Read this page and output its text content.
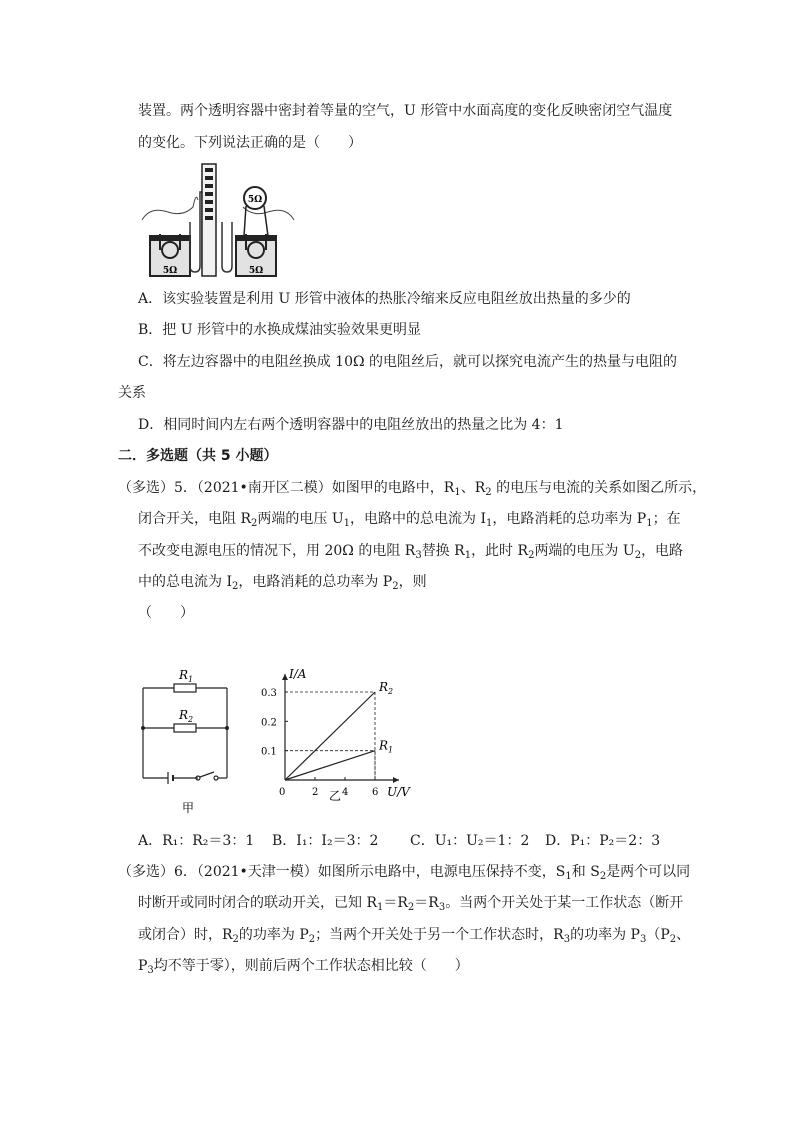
装置。两个透明容器中密封着等量的空气，U 形管中水面高度的变化反映密闭空气温度
的变化。下列说法正确的是（　　）
5Ω
5Ω	5Ω
A．该实验装置是利用 U 形管中液体的热胀冷缩来反应电阻丝放出热量的多少的
B．把 U 形管中的水换成煤油实验效果更明显
C．将左边容器中的电阻丝换成 10Ω 的电阻丝后，就可以探究电流产生的热量与电阻的
关系
D．相同时间内左右两个透明容器中的电阻丝放出的热量之比为 4：1
二．多选题（共 5 小题）
（多选）5．（2021•南开区二模）如图甲的电路中，$R_1$、$R_2$ 的电压与电流的关系如图乙所示，
闭合开关，电阻 $R_2$两端的电压 $U_1$，电路中的总电流为 $I_1$，电路消耗的总功率为 $P_1$；在
不改变电源电压的情况下，用 20Ω 的电阻 $R_3$替换 $R_1$，此时 $R_2$两端的电压为 $U_2$，电路
中的总电流为 $I_2$，电路消耗的总功率为 $P_2$，则
（　　）
$R_1$
$R_2$
甲
I/A
U/V
0	2 4 6
0.1
0.2
0.3	$R_2$
$R_1$
乙
A．R₁：R₂＝3：1 B．I₁：I₂＝3：2 C．U₁：U₂＝1：2 D．P₁：P₂＝2：3
（多选）6．（2021•天津一模）如图所示电路中，电源电压保持不变，$S_1$和 $S_2$是两个可以同
时断开或同时闭合的联动开关，已知 $R_1=R_2=R_3$。当两个开关处于某一工作状态（断开
或闭合）时，$R_2$的功率为 $P_2$；当两个开关处于另一个工作状态时，$R_3$的功率为 $P_3(P_2$、
$P_3$均不等于零），则前后两个工作状态相比较（　　）
